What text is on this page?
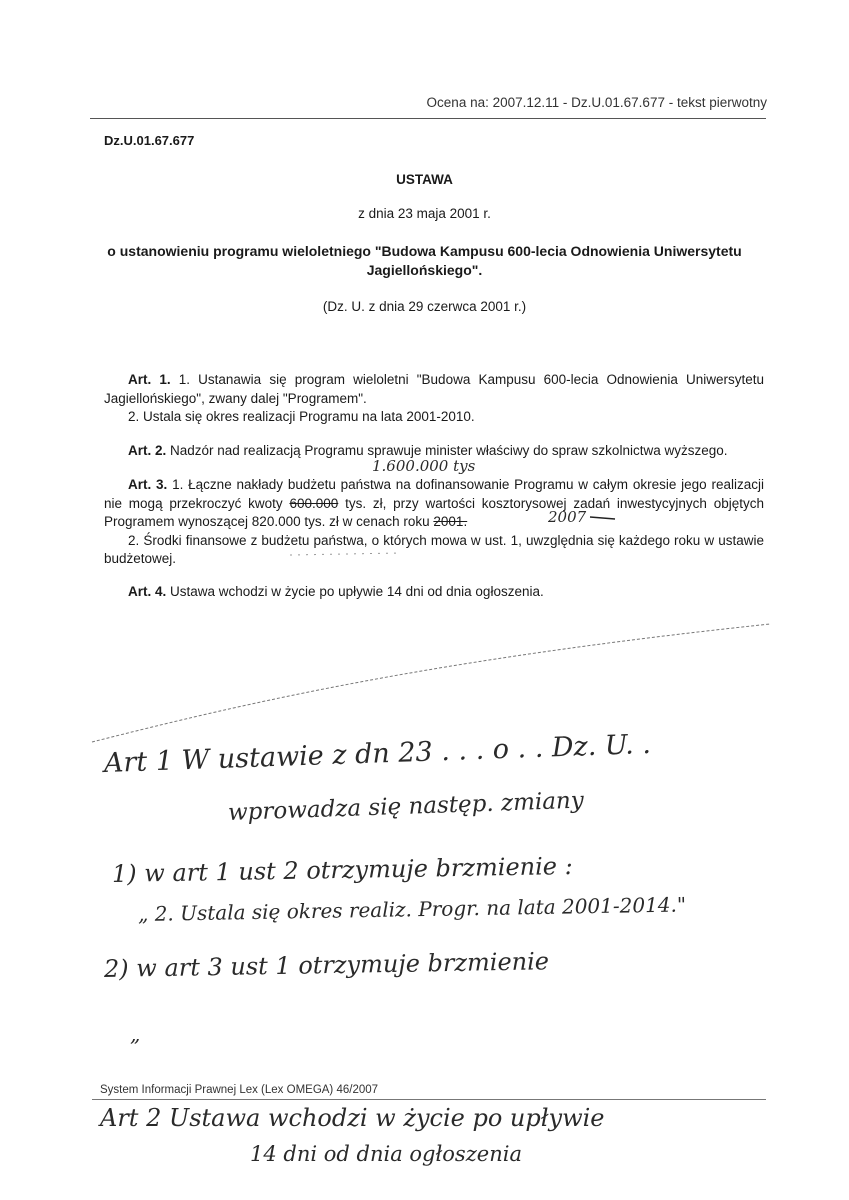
Ocena na: 2007.12.11 - Dz.U.01.67.677 - tekst pierwotny
Dz.U.01.67.677
USTAWA
z dnia 23 maja 2001 r.
o ustanowieniu programu wieloletniego "Budowa Kampusu 600-lecia Odnowienia Uniwersytetu
Jagiellońskiego".
(Dz. U. z dnia 29 czerwca 2001 r.)

Art. 1. 1. Ustanawia się program wieloletni "Budowa Kampusu 600-lecia Odnowienia Uniwersytetu Jagiellońskiego", zwany dalej "Programem".

2. Ustala się okres realizacji Programu na lata 2001-2010.

Art. 2. Nadzór nad realizacją Programu sprawuje minister właściwy do spraw szkolnictwa wyższego.

Art. 3. 1. Łączne nakłady budżetu państwa na dofinansowanie Programu w całym okresie jego realizacji nie mogą przekroczyć kwoty 600.000 tys. zł, przy wartości kosztorysowej zadań inwestycyjnych objętych Programem wynoszącej 820.000 tys. zł w cenach roku 2001.

2. Środki finansowe z budżetu państwa, o których mowa w ust. 1, uwzględnia się każdego roku w ustawie budżetowej.

Art. 4. Ustawa wchodzi w życie po upływie 14 dni od dnia ogłoszenia.

1.600.000 tys
2007
Art 1 W ustawie z dn 23 . . . o . . Dz. U. .
wprowadza się następ. zmiany
1) w art 1 ust 2 otrzymuje brzmienie :
„ 2. Ustala się okres realiz. Progr. na lata 2001-2014."
2) w art 3 ust 1 otrzymuje brzmienie
„
System Informacji Prawnej Lex (Lex OMEGA) 46/2007
Art 2 Ustawa wchodzi w życie po upływie
14 dni od dnia ogłoszenia
